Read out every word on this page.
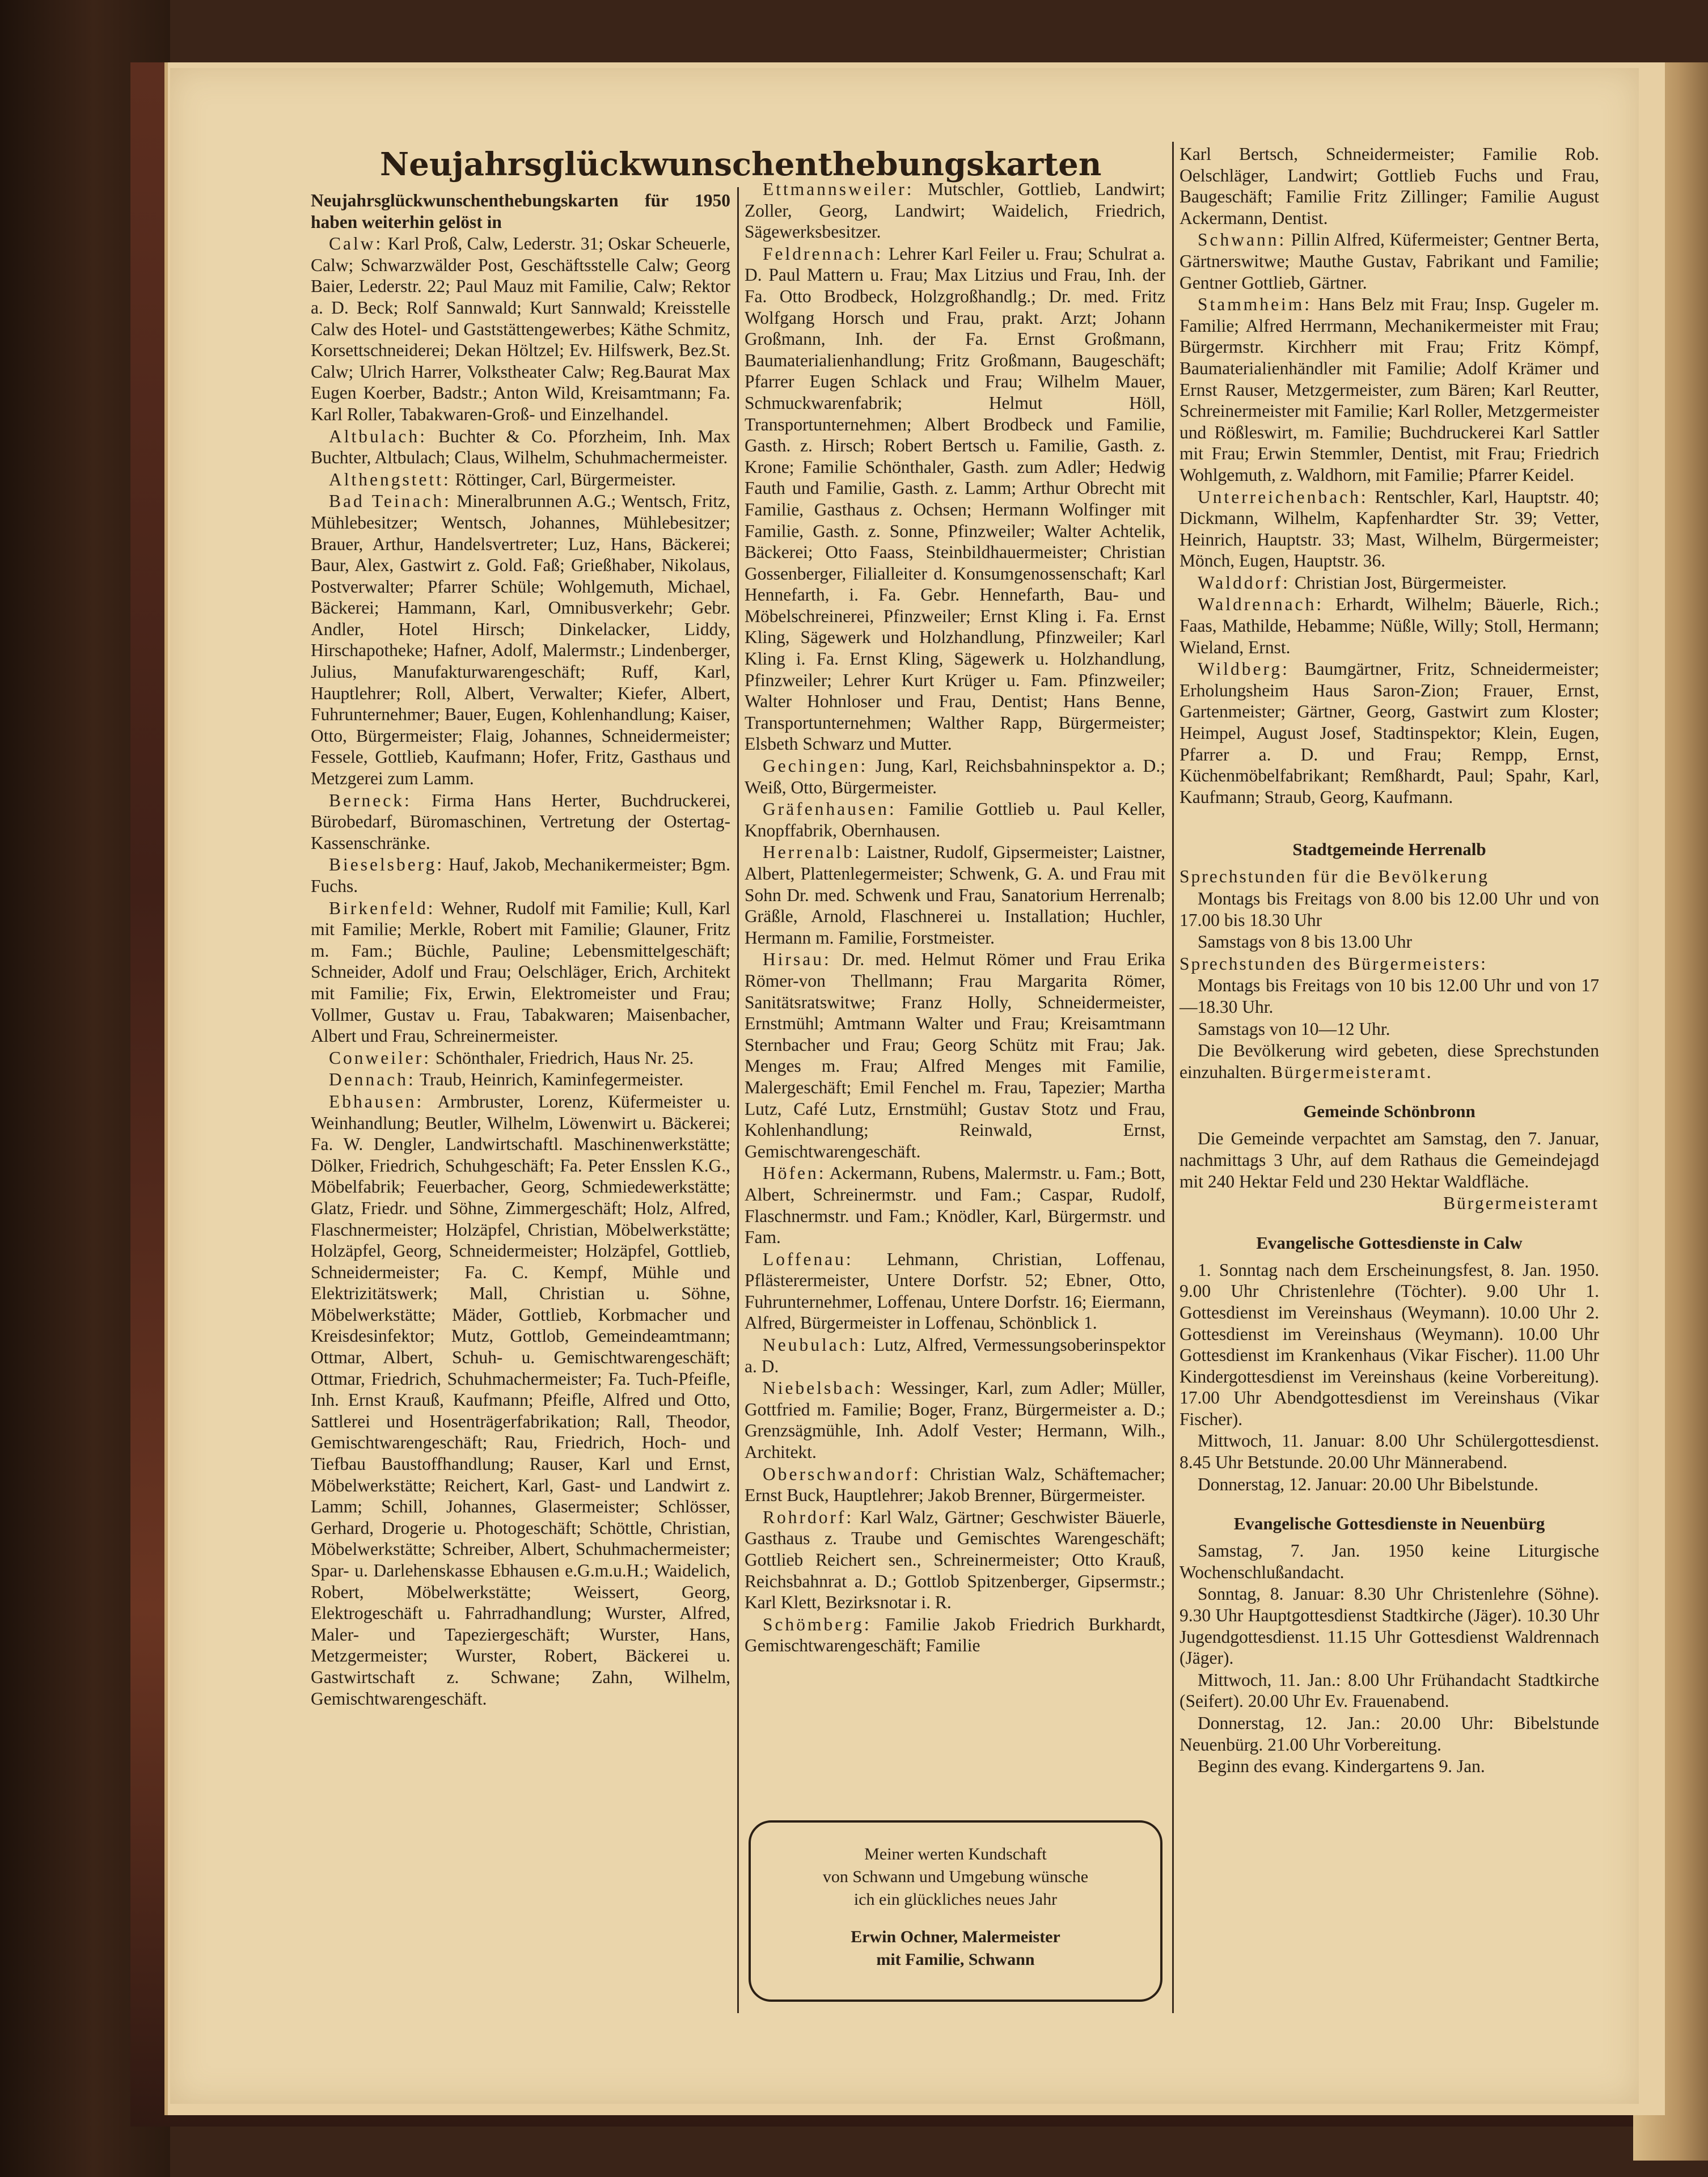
Neujahrsglückwunschenthebungskarten

Neujahrsglückwunschenthebungskarten für 1950 haben weiterhin gelöst in

Calw: Karl Proß, Calw, Lederstr. 31; Oskar Scheuerle, Calw; Schwarzwälder Post, Geschäftsstelle Calw; Georg Baier, Lederstr. 22; Paul Mauz mit Familie, Calw; Rektor a. D. Beck; Rolf Sannwald; Kurt Sannwald; Kreisstelle Calw des Hotel- und Gaststättengewerbes; Käthe Schmitz, Korsettschneiderei; Dekan Höltzel; Ev. Hilfswerk, Bez.St. Calw; Ulrich Harrer, Volkstheater Calw; Reg.Baurat Max Eugen Koerber, Badstr.; Anton Wild, Kreisamtmann; Fa. Karl Roller, Tabakwaren-Groß- und Einzelhandel.

Altbulach: Buchter & Co. Pforzheim, Inh. Max Buchter, Altbulach; Claus, Wilhelm, Schuhmachermeister.

Althengstett: Röttinger, Carl, Bürgermeister.

Bad Teinach: Mineralbrunnen A.G.; Wentsch, Fritz, Mühlebesitzer; Wentsch, Johannes, Mühlebesitzer; Brauer, Arthur, Handelsvertreter; Luz, Hans, Bäckerei; Baur, Alex, Gastwirt z. Gold. Faß; Grießhaber, Nikolaus, Postverwalter; Pfarrer Schüle; Wohlgemuth, Michael, Bäckerei; Hammann, Karl, Omnibusverkehr; Gebr. Andler, Hotel Hirsch; Dinkelacker, Liddy, Hirschapotheke; Hafner, Adolf, Malermstr.; Lindenberger, Julius, Manufakturwarengeschäft; Ruff, Karl, Hauptlehrer; Roll, Albert, Verwalter; Kiefer, Albert, Fuhrunternehmer; Bauer, Eugen, Kohlenhandlung; Kaiser, Otto, Bürgermeister; Flaig, Johannes, Schneidermeister; Fessele, Gottlieb, Kaufmann; Hofer, Fritz, Gasthaus und Metzgerei zum Lamm.

Berneck: Firma Hans Herter, Buchdruckerei, Bürobedarf, Büromaschinen, Vertretung der Ostertag-Kassenschränke.

Bieselsberg: Hauf, Jakob, Mechanikermeister; Bgm. Fuchs.

Birkenfeld: Wehner, Rudolf mit Familie; Kull, Karl mit Familie; Merkle, Robert mit Familie; Glauner, Fritz m. Fam.; Büchle, Pauline; Lebensmittelgeschäft; Schneider, Adolf und Frau; Oelschläger, Erich, Architekt mit Familie; Fix, Erwin, Elektromeister und Frau; Vollmer, Gustav u. Frau, Tabakwaren; Maisenbacher, Albert und Frau, Schreinermeister.

Conweiler: Schönthaler, Friedrich, Haus Nr. 25.

Dennach: Traub, Heinrich, Kaminfegermeister.

Ebhausen: Armbruster, Lorenz, Küfermeister u. Weinhandlung; Beutler, Wilhelm, Löwenwirt u. Bäckerei; Fa. W. Dengler, Landwirtschaftl. Maschinenwerkstätte; Dölker, Friedrich, Schuhgeschäft; Fa. Peter Ensslen K.G., Möbelfabrik; Feuerbacher, Georg, Schmiedewerkstätte; Glatz, Friedr. und Söhne, Zimmergeschäft; Holz, Alfred, Flaschnermeister; Holzäpfel, Christian, Möbelwerkstätte; Holzäpfel, Georg, Schneidermeister; Holzäpfel, Gottlieb, Schneidermeister; Fa. C. Kempf, Mühle und Elektrizitätswerk; Mall, Christian u. Söhne, Möbelwerkstätte; Mäder, Gottlieb, Korbmacher und Kreisdesinfektor; Mutz, Gottlob, Gemeindeamtmann; Ottmar, Albert, Schuh- u. Gemischtwarengeschäft; Ottmar, Friedrich, Schuhmachermeister; Fa. Tuch-Pfeifle, Inh. Ernst Krauß, Kaufmann; Pfeifle, Alfred und Otto, Sattlerei und Hosenträgerfabrikation; Rall, Theodor, Gemischtwarengeschäft; Rau, Friedrich, Hoch- und Tiefbau Baustoffhandlung; Rauser, Karl und Ernst, Möbelwerkstätte; Reichert, Karl, Gast- und Landwirt z. Lamm; Schill, Johannes, Glasermeister; Schlösser, Gerhard, Drogerie u. Photogeschäft; Schöttle, Christian, Möbelwerkstätte; Schreiber, Albert, Schuhmachermeister; Spar- u. Darlehenskasse Ebhausen e.G.m.u.H.; Waidelich, Robert, Möbelwerkstätte; Weissert, Georg, Elektrogeschäft u. Fahrradhandlung; Wurster, Alfred, Maler- und Tapeziergeschäft; Wurster, Hans, Metzgermeister; Wurster, Robert, Bäckerei u. Gastwirtschaft z. Schwane; Zahn, Wilhelm, Gemischtwarengeschäft.

Ettmannsweiler: Mutschler, Gottlieb, Landwirt; Zoller, Georg, Landwirt; Waidelich, Friedrich, Sägewerksbesitzer.

Feldrennach: Lehrer Karl Feiler u. Frau; Schulrat a. D. Paul Mattern u. Frau; Max Litzius und Frau, Inh. der Fa. Otto Brodbeck, Holzgroßhandlg.; Dr. med. Fritz Wolfgang Horsch und Frau, prakt. Arzt; Johann Großmann, Inh. der Fa. Ernst Großmann, Baumaterialienhandlung; Fritz Großmann, Baugeschäft; Pfarrer Eugen Schlack und Frau; Wilhelm Mauer, Schmuckwarenfabrik; Helmut Höll, Transportunternehmen; Albert Brodbeck und Familie, Gasth. z. Hirsch; Robert Bertsch u. Familie, Gasth. z. Krone; Familie Schönthaler, Gasth. zum Adler; Hedwig Fauth und Familie, Gasth. z. Lamm; Arthur Obrecht mit Familie, Gasthaus z. Ochsen; Hermann Wolfinger mit Familie, Gasth. z. Sonne, Pfinzweiler; Walter Achtelik, Bäckerei; Otto Faass, Steinbildhauermeister; Christian Gossenberger, Filialleiter d. Konsumgenossenschaft; Karl Hennefarth, i. Fa. Gebr. Hennefarth, Bau- und Möbelschreinerei, Pfinzweiler; Ernst Kling i. Fa. Ernst Kling, Sägewerk und Holzhandlung, Pfinzweiler; Karl Kling i. Fa. Ernst Kling, Sägewerk u. Holzhandlung, Pfinzweiler; Lehrer Kurt Krüger u. Fam. Pfinzweiler; Walter Hohnloser und Frau, Dentist; Hans Benne, Transportunternehmen; Walther Rapp, Bürgermeister; Elsbeth Schwarz und Mutter.

Gechingen: Jung, Karl, Reichsbahninspektor a. D.; Weiß, Otto, Bürgermeister.

Gräfenhausen: Familie Gottlieb u. Paul Keller, Knopffabrik, Obernhausen.

Herrenalb: Laistner, Rudolf, Gipsermeister; Laistner, Albert, Plattenlegermeister; Schwenk, G. A. und Frau mit Sohn Dr. med. Schwenk und Frau, Sanatorium Herrenalb; Gräßle, Arnold, Flaschnerei u. Installation; Huchler, Hermann m. Familie, Forstmeister.

Hirsau: Dr. med. Helmut Römer und Frau Erika Römer-von Thellmann; Frau Margarita Römer, Sanitätsratswitwe; Franz Holly, Schneidermeister, Ernstmühl; Amtmann Walter und Frau; Kreisamtmann Sternbacher und Frau; Georg Schütz mit Frau; Jak. Menges m. Frau; Alfred Menges mit Familie, Malergeschäft; Emil Fenchel m. Frau, Tapezier; Martha Lutz, Café Lutz, Ernstmühl; Gustav Stotz und Frau, Kohlenhandlung; Reinwald, Ernst, Gemischtwarengeschäft.

Höfen: Ackermann, Rubens, Malermstr. u. Fam.; Bott, Albert, Schreinermstr. und Fam.; Caspar, Rudolf, Flaschnermstr. und Fam.; Knödler, Karl, Bürgermstr. und Fam.

Loffenau: Lehmann, Christian, Loffenau, Pflästerermeister, Untere Dorfstr. 52; Ebner, Otto, Fuhrunternehmer, Loffenau, Untere Dorfstr. 16; Eiermann, Alfred, Bürgermeister in Loffenau, Schönblick 1.

Neubulach: Lutz, Alfred, Vermessungsoberinspektor a. D.

Niebelsbach: Wessinger, Karl, zum Adler; Müller, Gottfried m. Familie; Boger, Franz, Bürgermeister a. D.; Grenzsägmühle, Inh. Adolf Vester; Hermann, Wilh., Architekt.

Oberschwandorf: Christian Walz, Schäftemacher; Ernst Buck, Hauptlehrer; Jakob Brenner, Bürgermeister.

Rohrdorf: Karl Walz, Gärtner; Geschwister Bäuerle, Gasthaus z. Traube und Gemischtes Warengeschäft; Gottlieb Reichert sen., Schreinermeister; Otto Krauß, Reichsbahnrat a. D.; Gottlob Spitzenberger, Gipsermstr.; Karl Klett, Bezirksnotar i. R.

Schömberg: Familie Jakob Friedrich Burkhardt, Gemischtwarengeschäft; Familie

Meiner werten Kundschaft
von Schwann und Umgebung wünsche
ich ein glückliches neues Jahr
Erwin Ochner, Malermeister
mit Familie, Schwann

Karl Bertsch, Schneidermeister; Familie Rob. Oelschläger, Landwirt; Gottlieb Fuchs und Frau, Baugeschäft; Familie Fritz Zillinger; Familie August Ackermann, Dentist.

Schwann: Pillin Alfred, Küfermeister; Gentner Berta, Gärtnerswitwe; Mauthe Gustav, Fabrikant und Familie; Gentner Gottlieb, Gärtner.

Stammheim: Hans Belz mit Frau; Insp. Gugeler m. Familie; Alfred Herrmann, Mechanikermeister mit Frau; Bürgermstr. Kirchherr mit Frau; Fritz Kömpf, Baumaterialienhändler mit Familie; Adolf Krämer und Ernst Rauser, Metzgermeister, zum Bären; Karl Reutter, Schreinermeister mit Familie; Karl Roller, Metzgermeister und Rößleswirt, m. Familie; Buchdruckerei Karl Sattler mit Frau; Erwin Stemmler, Dentist, mit Frau; Friedrich Wohlgemuth, z. Waldhorn, mit Familie; Pfarrer Keidel.

Unterreichenbach: Rentschler, Karl, Hauptstr. 40; Dickmann, Wilhelm, Kapfenhardter Str. 39; Vetter, Heinrich, Hauptstr. 33; Mast, Wilhelm, Bürgermeister; Mönch, Eugen, Hauptstr. 36.

Walddorf: Christian Jost, Bürgermeister.

Waldrennach: Erhardt, Wilhelm; Bäuerle, Rich.; Faas, Mathilde, Hebamme; Nüßle, Willy; Stoll, Hermann; Wieland, Ernst.

Wildberg: Baumgärtner, Fritz, Schneidermeister; Erholungsheim Haus Saron-Zion; Frauer, Ernst, Gartenmeister; Gärtner, Georg, Gastwirt zum Kloster; Heimpel, August Josef, Stadtinspektor; Klein, Eugen, Pfarrer a. D. und Frau; Rempp, Ernst, Küchenmöbelfabrikant; Remßhardt, Paul; Spahr, Karl, Kaufmann; Straub, Georg, Kaufmann.

Stadtgemeinde Herrenalb

Sprechstunden für die Bevölkerung

Montags bis Freitags von 8.00 bis 12.00 Uhr und von 17.00 bis 18.30 Uhr

Samstags von 8 bis 13.00 Uhr

Sprechstunden des Bürgermeisters:

Montags bis Freitags von 10 bis 12.00 Uhr und von 17—18.30 Uhr.

Samstags von 10—12 Uhr.

Die Bevölkerung wird gebeten, diese Sprechstunden einzuhalten. Bürgermeisteramt.

Gemeinde Schönbronn

Die Gemeinde verpachtet am Samstag, den 7. Januar, nachmittags 3 Uhr, auf dem Rathaus die Gemeindejagd mit 240 Hektar Feld und 230 Hektar Waldfläche.

Bürgermeisteramt

Evangelische Gottesdienste in Calw

1. Sonntag nach dem Erscheinungsfest, 8. Jan. 1950. 9.00 Uhr Christenlehre (Töchter). 9.00 Uhr 1. Gottesdienst im Vereinshaus (Weymann). 10.00 Uhr 2. Gottesdienst im Vereinshaus (Weymann). 10.00 Uhr Gottesdienst im Krankenhaus (Vikar Fischer). 11.00 Uhr Kindergottesdienst im Vereinshaus (keine Vorbereitung). 17.00 Uhr Abendgottesdienst im Vereinshaus (Vikar Fischer).

Mittwoch, 11. Januar: 8.00 Uhr Schülergottesdienst. 8.45 Uhr Betstunde. 20.00 Uhr Männerabend.

Donnerstag, 12. Januar: 20.00 Uhr Bibelstunde.

Evangelische Gottesdienste in Neuenbürg

Samstag, 7. Jan. 1950 keine Liturgische Wochenschlußandacht.

Sonntag, 8. Januar: 8.30 Uhr Christenlehre (Söhne). 9.30 Uhr Hauptgottesdienst Stadtkirche (Jäger). 10.30 Uhr Jugendgottesdienst. 11.15 Uhr Gottesdienst Waldrennach (Jäger).

Mittwoch, 11. Jan.: 8.00 Uhr Frühandacht Stadtkirche (Seifert). 20.00 Uhr Ev. Frauenabend.

Donnerstag, 12. Jan.: 20.00 Uhr: Bibelstunde Neuenbürg. 21.00 Uhr Vorbereitung.

Beginn des evang. Kindergartens 9. Jan.
